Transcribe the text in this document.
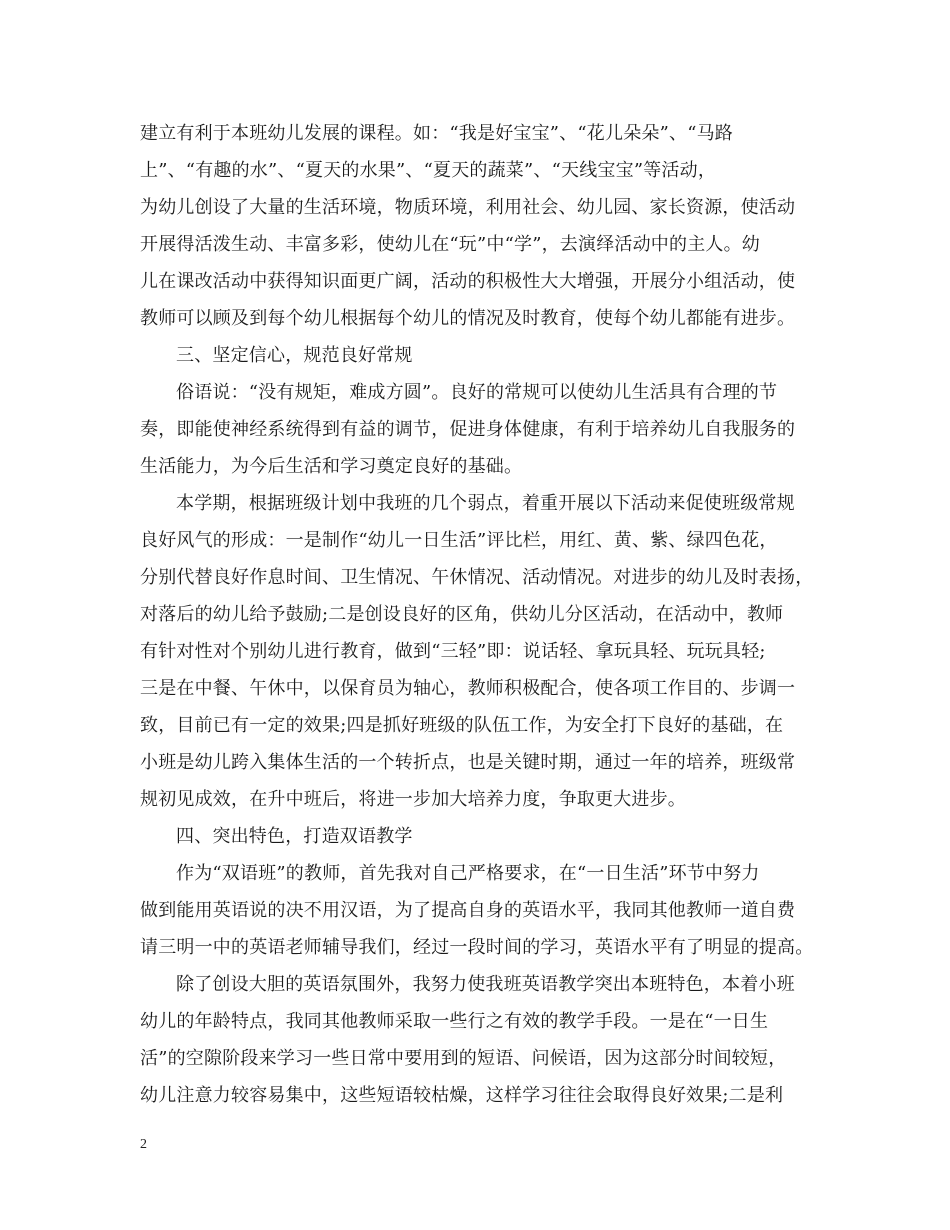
建立有利于本班幼儿发展的课程。如：“我是好宝宝”、“花儿朵朵”、“马路
上”、“有趣的水”、“夏天的水果”、“夏天的蔬菜”、“天线宝宝”等活动，
为幼儿创设了大量的生活环境，物质环境，利用社会、幼儿园、家长资源，使活动
开展得活泼生动、丰富多彩，使幼儿在“玩”中“学”，去演绎活动中的主人。幼
儿在课改活动中获得知识面更广阔，活动的积极性大大增强，开展分小组活动，使
教师可以顾及到每个幼儿根据每个幼儿的情况及时教育，使每个幼儿都能有进步。
三、坚定信心，规范良好常规
俗语说：“没有规矩，难成方圆”。良好的常规可以使幼儿生活具有合理的节
奏，即能使神经系统得到有益的调节，促进身体健康，有利于培养幼儿自我服务的
生活能力，为今后生活和学习奠定良好的基础。
本学期，根据班级计划中我班的几个弱点，着重开展以下活动来促使班级常规
良好风气的形成：一是制作“幼儿一日生活”评比栏，用红、黄、紫、绿四色花，
分别代替良好作息时间、卫生情况、午休情况、活动情况。对进步的幼儿及时表扬，
对落后的幼儿给予鼓励;二是创设良好的区角，供幼儿分区活动，在活动中，教师
有针对性对个别幼儿进行教育，做到“三轻”即：说话轻、拿玩具轻、玩玩具轻;
三是在中餐、午休中，以保育员为轴心，教师积极配合，使各项工作目的、步调一
致，目前已有一定的效果;四是抓好班级的队伍工作，为安全打下良好的基础，在
小班是幼儿跨入集体生活的一个转折点，也是关键时期，通过一年的培养，班级常
规初见成效，在升中班后，将进一步加大培养力度，争取更大进步。
四、突出特色，打造双语教学
作为“双语班”的教师，首先我对自己严格要求，在“一日生活”环节中努力
做到能用英语说的决不用汉语，为了提高自身的英语水平，我同其他教师一道自费
请三明一中的英语老师辅导我们，经过一段时间的学习，英语水平有了明显的提高。
除了创设大胆的英语氛围外，我努力使我班英语教学突出本班特色，本着小班
幼儿的年龄特点，我同其他教师采取一些行之有效的教学手段。一是在“一日生
活”的空隙阶段来学习一些日常中要用到的短语、问候语，因为这部分时间较短，
幼儿注意力较容易集中，这些短语较枯燥，这样学习往往会取得良好效果;二是利
2
